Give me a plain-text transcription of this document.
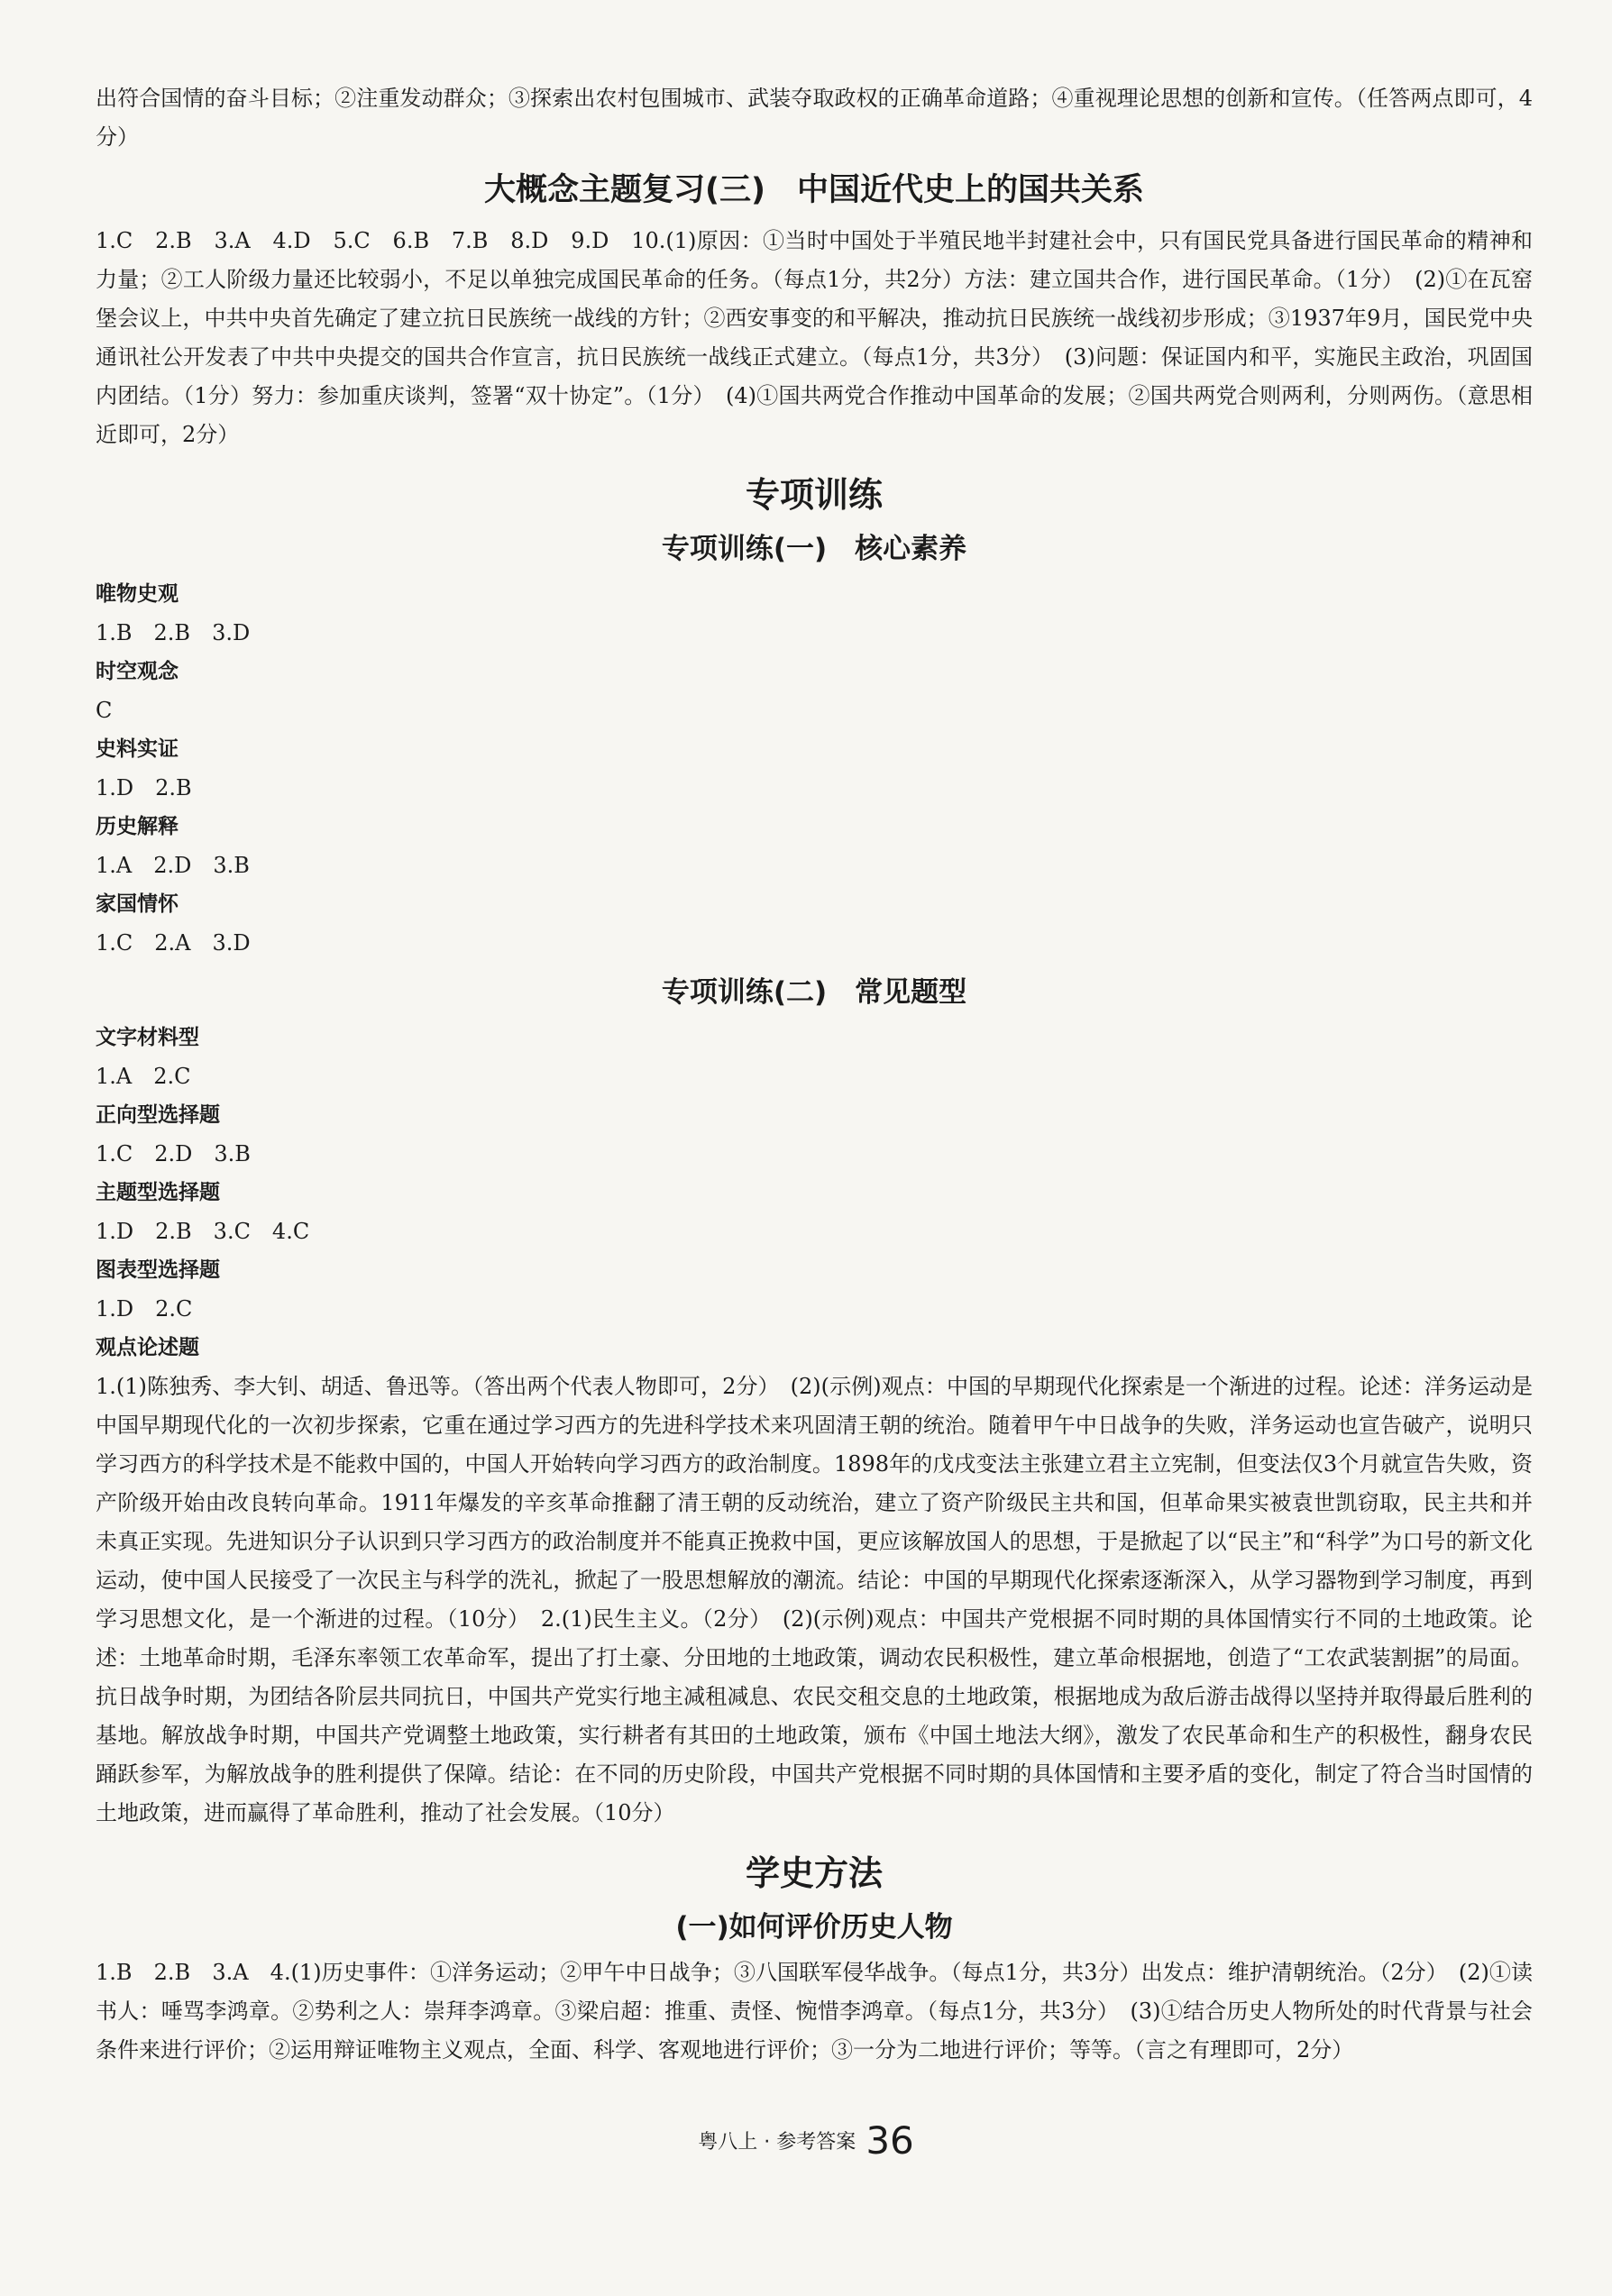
出符合国情的奋斗目标；②注重发动群众；③探索出农村包围城市、武装夺取政权的正确革命道路；④重视理论思想的创新和宣传。（任答两点即可，4分）

大概念主题复习(三)　中国近代史上的国共关系

1.C　2.B　3.A　4.D　5.C　6.B　7.B　8.D　9.D　10.(1)原因：①当时中国处于半殖民地半封建社会中，只有国民党具备进行国民革命的精神和力量；②工人阶级力量还比较弱小，不足以单独完成国民革命的任务。（每点1分，共2分）方法：建立国共合作，进行国民革命。（1分）　(2)①在瓦窑堡会议上，中共中央首先确定了建立抗日民族统一战线的方针；②西安事变的和平解决，推动抗日民族统一战线初步形成；③1937年9月，国民党中央通讯社公开发表了中共中央提交的国共合作宣言，抗日民族统一战线正式建立。（每点1分，共3分）　(3)问题：保证国内和平，实施民主政治，巩固国内团结。（1分）努力：参加重庆谈判，签署“双十协定”。（1分）　(4)①国共两党合作推动中国革命的发展；②国共两党合则两利，分则两伤。（意思相近即可，2分）

专项训练
专项训练(一)　核心素养
唯物史观
1.B　2.B　3.D
时空观念
C
史料实证
1.D　2.B
历史解释
1.A　2.D　3.B
家国情怀
1.C　2.A　3.D
专项训练(二)　常见题型
文字材料型
1.A　2.C
正向型选择题
1.C　2.D　3.B
主题型选择题
1.D　2.B　3.C　4.C
图表型选择题
1.D　2.C
观点论述题

1.(1)陈独秀、李大钊、胡适、鲁迅等。（答出两个代表人物即可，2分）　(2)(示例)观点：中国的早期现代化探索是一个渐进的过程。论述：洋务运动是中国早期现代化的一次初步探索，它重在通过学习西方的先进科学技术来巩固清王朝的统治。随着甲午中日战争的失败，洋务运动也宣告破产，说明只学习西方的科学技术是不能救中国的，中国人开始转向学习西方的政治制度。1898年的戊戌变法主张建立君主立宪制，但变法仅3个月就宣告失败，资产阶级开始由改良转向革命。1911年爆发的辛亥革命推翻了清王朝的反动统治，建立了资产阶级民主共和国，但革命果实被袁世凯窃取，民主共和并未真正实现。先进知识分子认识到只学习西方的政治制度并不能真正挽救中国，更应该解放国人的思想，于是掀起了以“民主”和“科学”为口号的新文化运动，使中国人民接受了一次民主与科学的洗礼，掀起了一股思想解放的潮流。结论：中国的早期现代化探索逐渐深入，从学习器物到学习制度，再到学习思想文化，是一个渐进的过程。（10分）　2.(1)民生主义。（2分）　(2)(示例)观点：中国共产党根据不同时期的具体国情实行不同的土地政策。论述：土地革命时期，毛泽东率领工农革命军，提出了打土豪、分田地的土地政策，调动农民积极性，建立革命根据地，创造了“工农武装割据”的局面。抗日战争时期，为团结各阶层共同抗日，中国共产党实行地主减租减息、农民交租交息的土地政策，根据地成为敌后游击战得以坚持并取得最后胜利的基地。解放战争时期，中国共产党调整土地政策，实行耕者有其田的土地政策，颁布《中国土地法大纲》，激发了农民革命和生产的积极性，翻身农民踊跃参军，为解放战争的胜利提供了保障。结论：在不同的历史阶段，中国共产党根据不同时期的具体国情和主要矛盾的变化，制定了符合当时国情的土地政策，进而赢得了革命胜利，推动了社会发展。（10分）

学史方法
(一)如何评价历史人物

1.B　2.B　3.A　4.(1)历史事件：①洋务运动；②甲午中日战争；③八国联军侵华战争。（每点1分，共3分）出发点：维护清朝统治。（2分）　(2)①读书人：唾骂李鸿章。②势利之人：崇拜李鸿章。③梁启超：推重、责怪、惋惜李鸿章。（每点1分，共3分）　(3)①结合历史人物所处的时代背景与社会条件来进行评价；②运用辩证唯物主义观点，全面、科学、客观地进行评价；③一分为二地进行评价；等等。（言之有理即可，2分）

粤八上 · 参考答案 36
